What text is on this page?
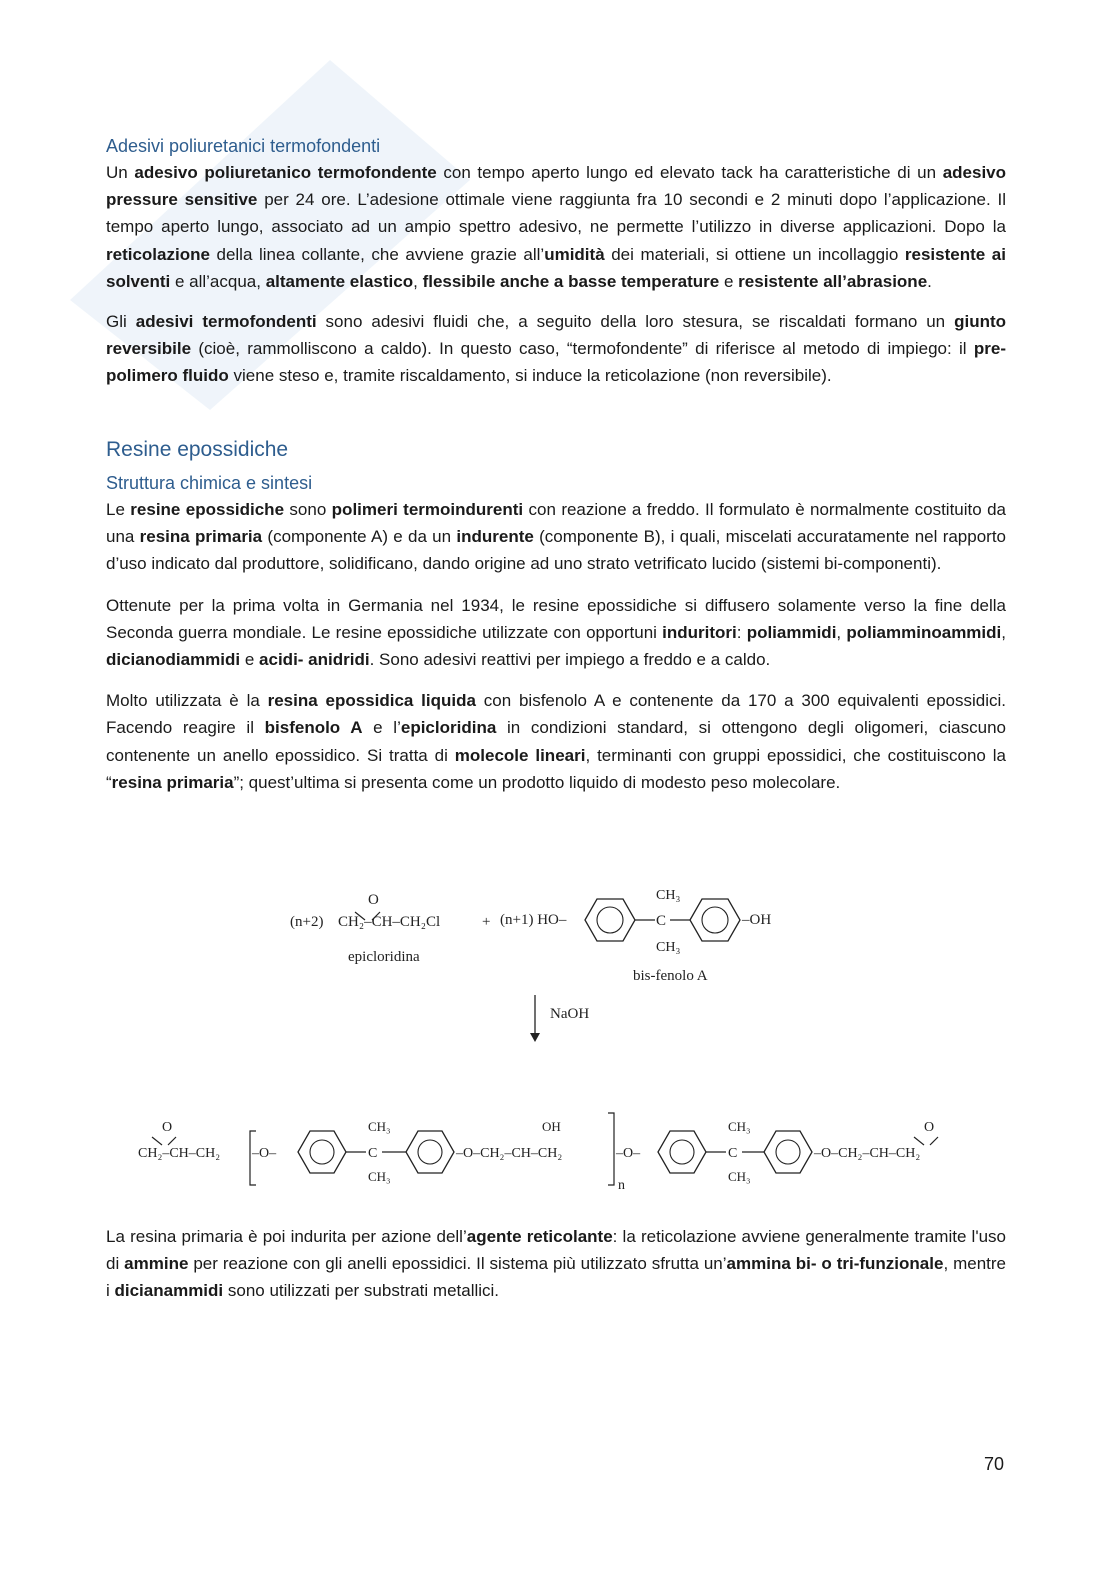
Adesivi poliuretanici termofondenti

Un adesivo poliuretanico termofondente con tempo aperto lungo ed elevato tack ha caratteristiche di un adesivo pressure sensitive per 24 ore. L’adesione ottimale viene raggiunta fra 10 secondi e 2 minuti dopo l’applicazione. Il tempo aperto lungo, associato ad un ampio spettro adesivo, ne permette l’utilizzo in diverse applicazioni. Dopo la reticolazione della linea collante, che avviene grazie all’umidità dei materiali, si ottiene un incollaggio resistente ai solventi e all’acqua, altamente elastico, flessibile anche a basse temperature e resistente all’abrasione.

Gli adesivi termofondenti sono adesivi fluidi che, a seguito della loro stesura, se riscaldati formano un giunto reversibile (cioè, rammolliscono a caldo). In questo caso, “termofondente” di riferisce al metodo di impiego: il pre-polimero fluido viene steso e, tramite riscaldamento, si induce la reticolazione (non reversibile).

Resine epossidiche
Struttura chimica e sintesi

Le resine epossidiche sono polimeri termoindurenti con reazione a freddo. Il formulato è normalmente costituito da una resina primaria (componente A) e da un indurente (componente B), i quali, miscelati accuratamente nel rapporto d’uso indicato dal produttore, solidificano, dando origine ad uno strato vetrificato lucido (sistemi bi-componenti).

Ottenute per la prima volta in Germania nel 1934, le resine epossidiche si diffusero solamente verso la fine della Seconda guerra mondiale. Le resine epossidiche utilizzate con opportuni induritori: poliammidi, poliamminoammidi, dicianodiammidi e acidi- anidridi. Sono adesivi reattivi per impiego a freddo e a caldo.

Molto utilizzata è la resina epossidica liquida con bisfenolo A e contenente da 170 a 300 equivalenti epossidici. Facendo reagire il bisfenolo A e l’epicloridina in condizioni standard, si ottengono degli oligomeri, ciascuno contenente un anello epossidico. Si tratta di molecole lineari, terminanti con gruppi epossidici, che costituiscono la “resina primaria”; quest’ultima si presenta come un prodotto liquido di modesto peso molecolare.

(n+2)
O
CH₂–CH–CH₂Cl
epicloridina
+ (n+1) HO–
CH₃
C
CH₃
–OH
bis-fenolo A
NaOH
O
CH₂–CH–CH₂ –O–
CH₃
C
CH₃
–O–CH₂–CH–CH₂
OH
n
–O–
CH₃
C
CH₃
–O–CH₂–CH–CH₂
O

La resina primaria è poi indurita per azione dell’agente reticolante: la reticolazione avviene generalmente tramite l'uso di ammine per reazione con gli anelli epossidici. Il sistema più utilizzato sfrutta un’ammina bi- o tri-funzionale, mentre i dicianammidi sono utilizzati per substrati metallici.

70
